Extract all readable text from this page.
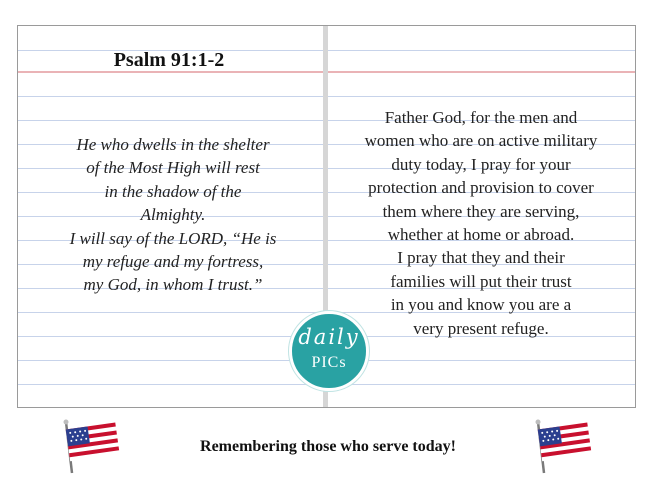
Psalm 91:1-2
He who dwells in the shelter
of the Most High will rest
in the shadow of the
Almighty.
I will say of the LORD, “He is
my refuge and my fortress,
my God, in whom I trust.”
Father God, for the men and
women who are on active military
duty today, I pray for your
protection and provision to cover
them where they are serving,
whether at home or abroad.
I pray that they and their
families will put their trust
in you and know you are a
very present refuge.
daily
PICs

Remembering those who serve today!
